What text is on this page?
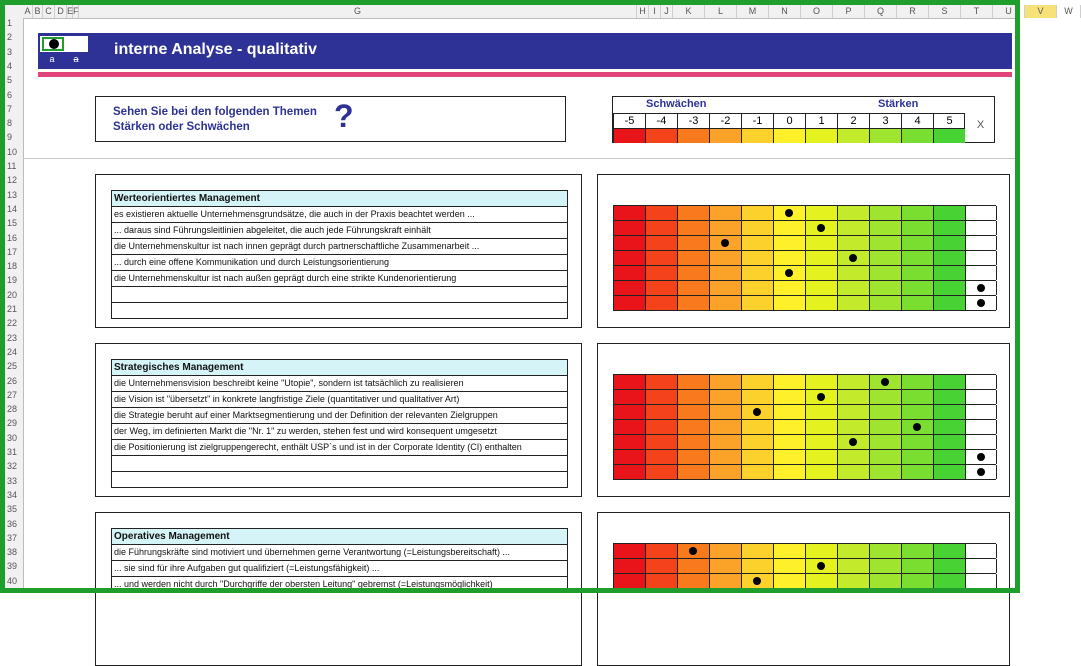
A B C D E F	G	H I J	K	L	M	N	O	P	Q	R	S	T	U	V	W
1
2
3
4
5
6
7
8
9
10
11
12
13
14
15
16
17
18
19
20
21
22
23
24
25
26
27
28
29
30
31
32
33
34
35
36
37
38
39
40
interne Analyse - qualitativ
a	a
Sehen Sie bei den folgenden Themen
Stärken oder Schwächen	?	Schwächen	Stärken
X
-5	-4	-3	-2	-1	0	1	2	3	4	5
Werteorientiertes Management
es existieren aktuelle Unternehmensgrundsätze, die auch in der Praxis beachtet werden ...
... daraus sind Führungsleitlinien abgeleitet, die auch jede Führungskraft einhält
die Unternehmenskultur ist nach innen geprägt durch partnerschaftliche Zusammenarbeit ...
... durch eine offene Kommunikation und durch Leistungsorientierung
die Unternehmenskultur ist nach außen geprägt durch eine strikte Kundenorientierung
Strategisches Management
die Unternehmensvision beschreibt keine "Utopie", sondern ist tatsächlich zu realisieren
die Vision ist "übersetzt" in konkrete langfristige Ziele (quantitativer und qualitativer Art)
die Strategie beruht auf einer Marktsegmentierung und der Definition der relevanten Zielgruppen
der Weg, im definierten Markt die "Nr. 1" zu werden, stehen fest und wird konsequent umgesetzt
die Positionierung ist zielgruppengerecht, enthält USP`s und ist in der Corporate Identity (CI) enthalten
Operatives Management
die Führungskräfte sind motiviert und übernehmen gerne Verantwortung (=Leistungsbereitschaft) ...
... sie sind für ihre Aufgaben gut qualifiziert (=Leistungsfähigkeit) ...
... und werden nicht durch "Durchgriffe der obersten Leitung" gebremst (=Leistungsmöglichkeit)
